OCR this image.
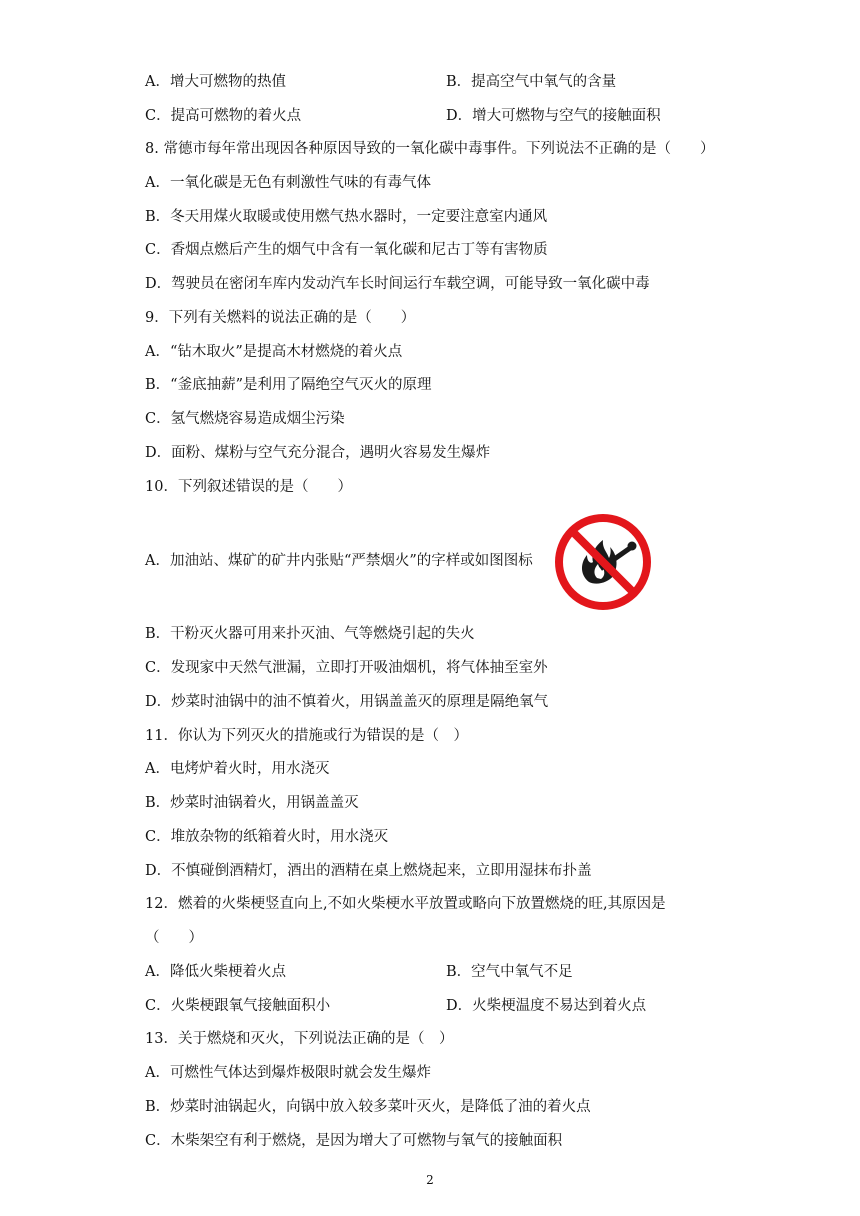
A．增大可燃物的热值	B．提高空气中氧气的含量
C．提高可燃物的着火点	D．增大可燃物与空气的接触面积
8. 常德市每年常出现因各种原因导致的一氧化碳中毒事件。下列说法不正确的是（　　）
A．一氧化碳是无色有刺激性气味的有毒气体
B．冬天用煤火取暖或使用燃气热水器时，一定要注意室内通风
C．香烟点燃后产生的烟气中含有一氧化碳和尼古丁等有害物质
D．驾驶员在密闭车库内发动汽车长时间运行车载空调，可能导致一氧化碳中毒
9．下列有关燃料的说法正确的是（　　）
A．“钻木取火”是提高木材燃烧的着火点
B．“釜底抽薪”是利用了隔绝空气灭火的原理
C．氢气燃烧容易造成烟尘污染
D．面粉、煤粉与空气充分混合，遇明火容易发生爆炸
10．下列叙述错误的是（　　）
A．加油站、煤矿的矿井内张贴“严禁烟火”的字样或如图图标
B．干粉灭火器可用来扑灭油、气等燃烧引起的失火
C．发现家中天然气泄漏，立即打开吸油烟机，将气体抽至室外
D．炒菜时油锅中的油不慎着火，用锅盖盖灭的原理是隔绝氧气
11．你认为下列灭火的措施或行为错误的是（　）
A．电烤炉着火时，用水浇灭
B．炒菜时油锅着火，用锅盖盖灭
C．堆放杂物的纸箱着火时，用水浇灭
D．不慎碰倒酒精灯，酒出的酒精在桌上燃烧起来，立即用湿抹布扑盖
12．燃着的火柴梗竖直向上,不如火柴梗水平放置或略向下放置燃烧的旺,其原因是
（　　）
A．降低火柴梗着火点	B．空气中氧气不足
C．火柴梗跟氧气接触面积小	D．火柴梗温度不易达到着火点
13．关于燃烧和灭火，下列说法正确的是（　）
A．可燃性气体达到爆炸极限时就会发生爆炸
B．炒菜时油锅起火，向锅中放入较多菜叶灭火，是降低了油的着火点
C．木柴架空有利于燃烧，是因为增大了可燃物与氧气的接触面积
2
